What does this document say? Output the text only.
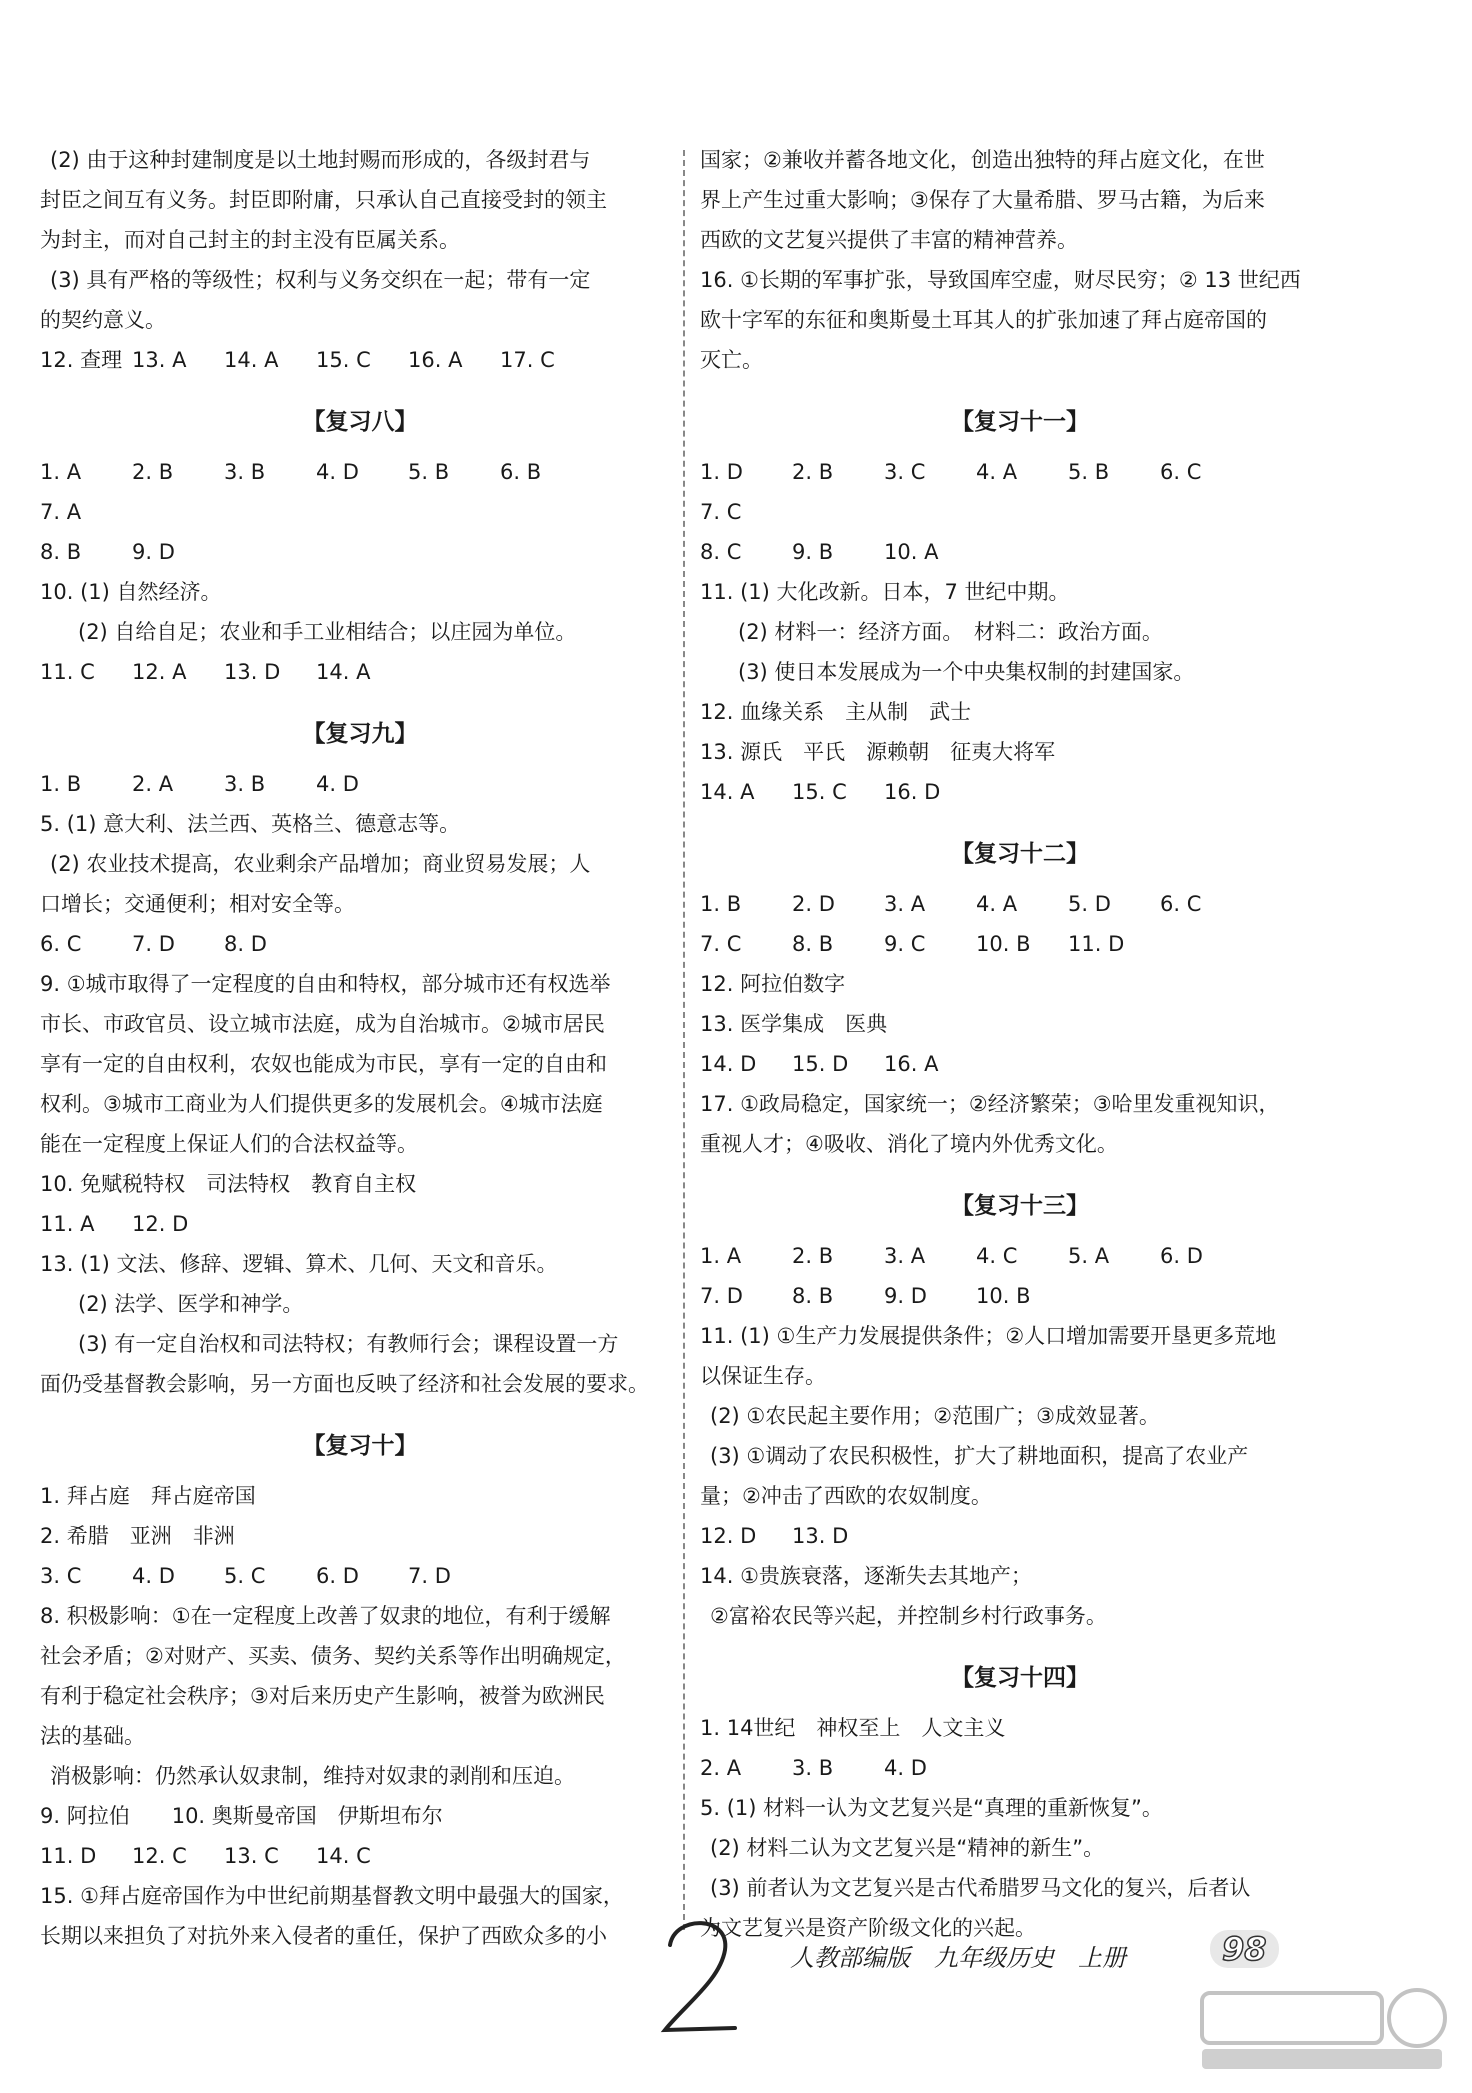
(2) 由于这种封建制度是以土地封赐而形成的，各级封君与
封臣之间互有义务。封臣即附庸，只承认自己直接受封的领主
为封主，而对自己封主的封主没有臣属关系。
(3) 具有严格的等级性；权利与义务交织在一起；带有一定
的契约意义。
12. 查理 13. A	14. A	15. C	16. A	17. C
【复习八】
1. A	2. B	3. B	4. D	5. B	6. B
7. A
8. B	9. D
10. (1) 自然经济。
(2) 自给自足；农业和手工业相结合；以庄园为单位。
11. C	12. A	13. D	14. A
【复习九】
1. B	2. A	3. B	4. D
5. (1) 意大利、法兰西、英格兰、德意志等。
(2) 农业技术提高，农业剩余产品增加；商业贸易发展；人
口增长；交通便利；相对安全等。
6. C	7. D	8. D
9. ①城市取得了一定程度的自由和特权，部分城市还有权选举
市长、市政官员、设立城市法庭，成为自治城市。②城市居民
享有一定的自由权利，农奴也能成为市民，享有一定的自由和
权利。③城市工商业为人们提供更多的发展机会。④城市法庭
能在一定程度上保证人们的合法权益等。
10. 免赋税特权　司法特权　教育自主权
11. A	12. D
13. (1) 文法、修辞、逻辑、算术、几何、天文和音乐。
(2) 法学、医学和神学。
(3) 有一定自治权和司法特权；有教师行会；课程设置一方
面仍受基督教会影响，另一方面也反映了经济和社会发展的要求。
【复习十】
1. 拜占庭　拜占庭帝国
2. 希腊　亚洲　非洲
3. C	4. D	5. C	6. D	7. D
8. 积极影响：①在一定程度上改善了奴隶的地位，有利于缓解
社会矛盾；②对财产、买卖、债务、契约关系等作出明确规定，
有利于稳定社会秩序；③对后来历史产生影响，被誉为欧洲民
法的基础。
消极影响：仍然承认奴隶制，维持对奴隶的剥削和压迫。
9. 阿拉伯　　10. 奥斯曼帝国　伊斯坦布尔
11. D	12. C	13. C	14. C
15. ①拜占庭帝国作为中世纪前期基督教文明中最强大的国家，
长期以来担负了对抗外来入侵者的重任，保护了西欧众多的小
国家；②兼收并蓄各地文化，创造出独特的拜占庭文化，在世
界上产生过重大影响；③保存了大量希腊、罗马古籍，为后来
西欧的文艺复兴提供了丰富的精神营养。
16. ①长期的军事扩张，导致国库空虚，财尽民穷；② 13 世纪西
欧十字军的东征和奥斯曼土耳其人的扩张加速了拜占庭帝国的
灭亡。
【复习十一】
1. D	2. B	3. C	4. A	5. B	6. C
7. C
8. C	9. B	10. A
11. (1) 大化改新。日本，7 世纪中期。
(2) 材料一：经济方面。　材料二：政治方面。
(3) 使日本发展成为一个中央集权制的封建国家。
12. 血缘关系　主从制　武士
13. 源氏　平氏　源赖朝　征夷大将军
14. A	15. C	16. D
【复习十二】
1. B	2. D	3. A	4. A	5. D	6. C
7. C	8. B	9. C	10. B	11. D
12. 阿拉伯数字
13. 医学集成　医典
14. D	15. D	16. A
17. ①政局稳定，国家统一；②经济繁荣；③哈里发重视知识，
重视人才；④吸收、消化了境内外优秀文化。
【复习十三】
1. A	2. B	3. A	4. C	5. A	6. D
7. D	8. B	9. D	10. B
11. (1) ①生产力发展提供条件；②人口增加需要开垦更多荒地
以保证生存。
(2) ①农民起主要作用；②范围广；③成效显著。
(3) ①调动了农民积极性，扩大了耕地面积，提高了农业产
量；②冲击了西欧的农奴制度。
12. D	13. D
14. ①贵族衰落，逐渐失去其地产；
②富裕农民等兴起，并控制乡村行政事务。
【复习十四】
1. 14世纪　神权至上　人文主义
2. A	3. B	4. D
5. (1) 材料一认为文艺复兴是“真理的重新恢复”。
(2) 材料二认为文艺复兴是“精神的新生”。
(3) 前者认为文艺复兴是古代希腊罗马文化的复兴，后者认
为文艺复兴是资产阶级文化的兴起。
人教部编版　九年级历史　上册	98
